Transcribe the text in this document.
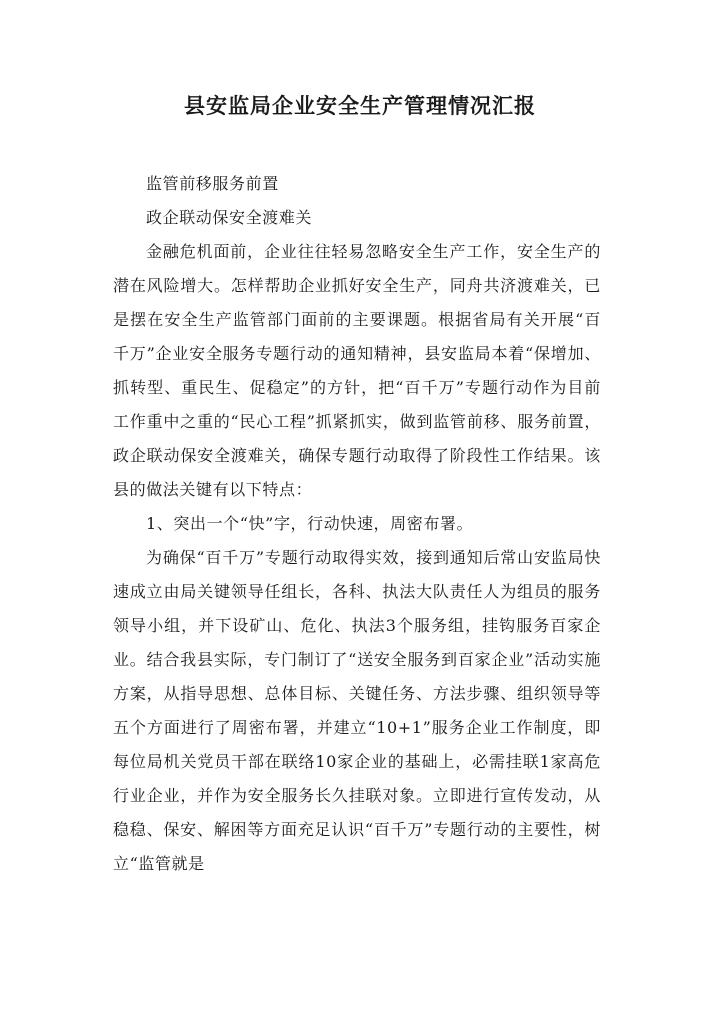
县安监局企业安全生产管理情况汇报

监管前移服务前置

政企联动保安全渡难关

金融危机面前，企业往往轻易忽略安全生产工作，安全生产的潜在风险增大。怎样帮助企业抓好安全生产，同舟共济渡难关，已是摆在安全生产监管部门面前的主要课题。根据省局有关开展“百千万”企业安全服务专题行动的通知精神，县安监局本着“保增加、抓转型、重民生、促稳定”的方针，把“百千万”专题行动作为目前工作重中之重的“民心工程”抓紧抓实，做到监管前移、服务前置，政企联动保安全渡难关，确保专题行动取得了阶段性工作结果。该县的做法关键有以下特点：

1、突出一个“快”字，行动快速，周密布署。

为确保“百千万”专题行动取得实效，接到通知后常山安监局快速成立由局关键领导任组长，各科、执法大队责任人为组员的服务领导小组，并下设矿山、危化、执法3个服务组，挂钩服务百家企业。结合我县实际，专门制订了“送安全服务到百家企业”活动实施方案，从指导思想、总体目标、关键任务、方法步骤、组织领导等五个方面进行了周密布署，并建立“10+1”服务企业工作制度，即每位局机关党员干部在联络10家企业的基础上，必需挂联1家高危行业企业，并作为安全服务长久挂联对象。立即进行宣传发动，从稳稳、保安、解困等方面充足认识“百千万”专题行动的主要性，树立“监管就是
